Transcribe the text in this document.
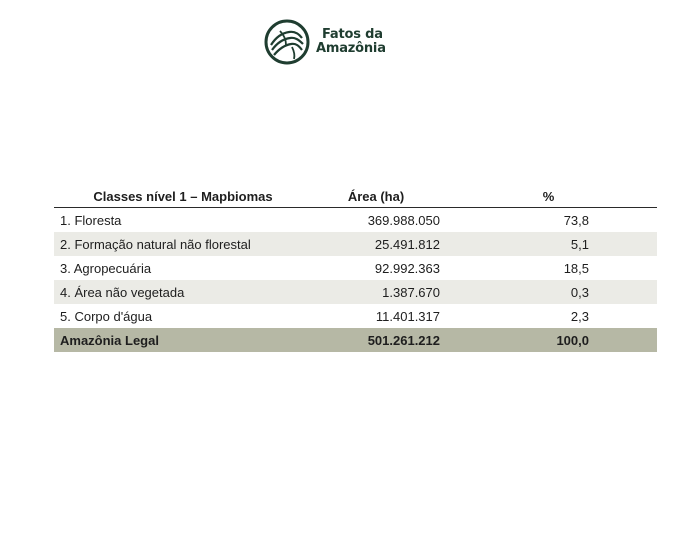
Fatos da
Amazônia
Classes nível 1 – Mapbiomas	Área (ha)	%
1. Floresta	369.988.050	73,8
2. Formação natural não florestal	25.491.812	5,1
3. Agropecuária	92.992.363	18,5
4. Área não vegetada	1.387.670	0,3
5. Corpo d'água	11.401.317	2,3
Amazônia Legal	501.261.212	100,0
